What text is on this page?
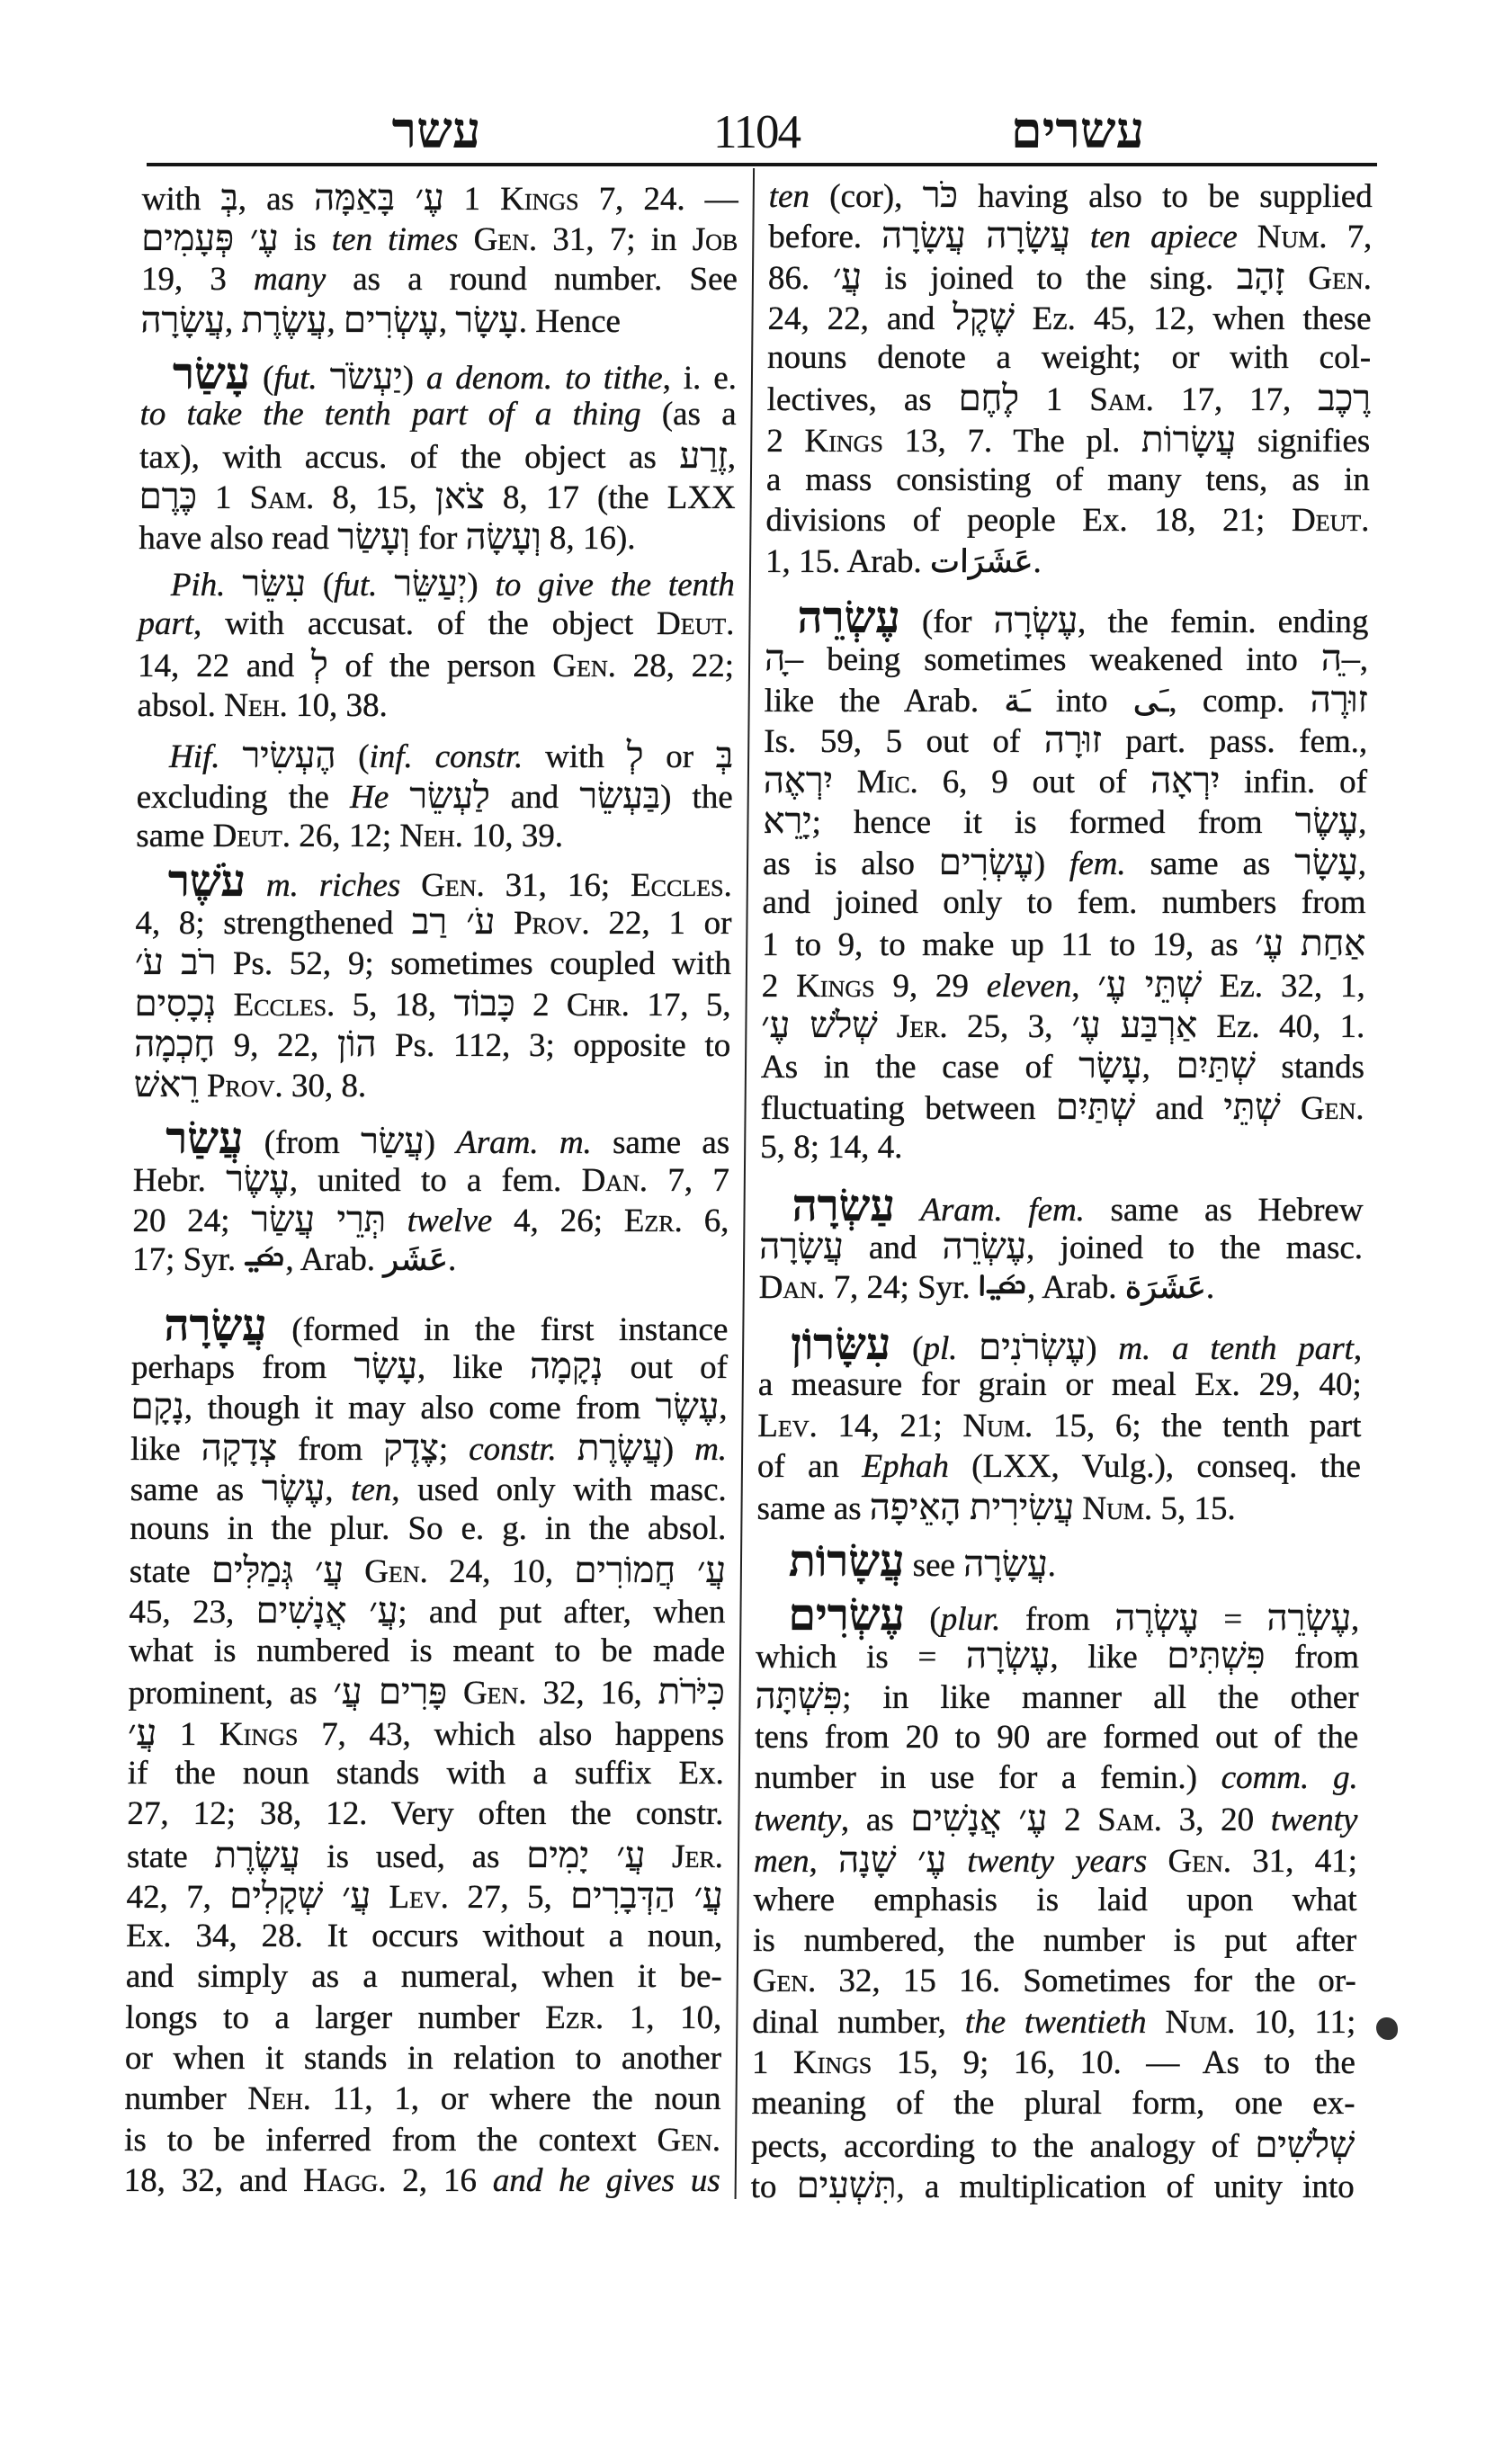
עשר	1104	עשרים
with בְּ, as עֶ׳ בָּאַמָּה 1 Kings 7, 24. —
עֶ׳ פְּעָמִים is ten times Gen. 31, 7; in Job
19, 3 many as a round number. See
עֲשָׂרָה, עֲשֶׂרֶת, עֶשְׂרִים, עָשָׂר. Hence
עָשַׂר (fut. יַעְשֹׂר) a denom. to tithe, i. e.
to take the tenth part of a thing (as a
tax), with accus. of the object as זֶרַע,
כֶּרֶם 1 Sam. 8, 15, צֹאן 8, 17 (the LXX
have also read וְעָשַׂר for וְעָשָׂה 8, 16).
Pih. עִשֵּׂר (fut. יְעַשֵּׂר) to give the tenth
part, with accusat. of the object Deut.
14, 22 and לְ of the person Gen. 28, 22;
absol. Neh. 10, 38.
Hif. הֶעְשִׂיר (inf. constr. with לְ or בְּ
excluding the He לַעְשֵׂר and בַּעְשֵׂר) the
same Deut. 26, 12; Neh. 10, 39.
עֹשֶׁר m. riches Gen. 31, 16; Eccles.
4, 8; strengthened עֹ׳ רַב Prov. 22, 1 or
רֹב עֹ׳ Ps. 52, 9; sometimes coupled with
נְכָסִים Eccles. 5, 18, כָּבוֹד 2 Chr. 17, 5,
חָכְמָה 9, 22, הוֹן Ps. 112, 3; opposite to
רֵאשׁ Prov. 30, 8.
עֲשַׂר (from עֲשַׂר) Aram. m. same as
Hebr. עֶשֶׂר, united to a fem. Dan. 7, 7
20 24; תְּרֵי עֲשַׂר twelve 4, 26; Ezr. 6,
17; Syr.
, Arab. عَشَر.
עֲשָׂרָה (formed in the first instance
perhaps from עָשָׂר, like נְקָמָה out of
נָקָם, though it may also come from עֶשֶׂר,
like צְדָקָה from צֶדֶק; constr. עֲשֶׂרֶת) m.
same as עֶשֶׂר, ten, used only with masc.
nouns in the plur. So e. g. in the absol.
state עֲ׳ גְּמַלִּים Gen. 24, 10, עֲ׳ חֲמוֹרִים
45, 23, עֲ׳ אֲנָשִׁים; and put after, when
what is numbered is meant to be made
prominent, as פָּרִים עֲ׳ Gen. 32, 16, כִּיֹּרֹת
עֲ׳ 1 Kings 7, 43, which also happens
if the noun stands with a suffix Ex.
27, 12; 38, 12. Very often the constr.
state עֲשֶׂרֶת is used, as עֲ׳ יָמִים Jer.
42, 7, עֲ׳ שְׁקָלִים Lev. 27, 5, עֲ׳ הַדְּבָרִים
Ex. 34, 28. It occurs without a noun,
and simply as a numeral, when it be-
longs to a larger number Ezr. 1, 10,
or when it stands in relation to another
number Neh. 11, 1, or where the noun
is to be inferred from the context Gen.
18, 32, and Hagg. 2, 16 and he gives us
ten (cor), כֹּר having also to be supplied
before. עֲשָׂרָה עֲשָׂרָה ten apiece Num. 7,
86. עֲ׳ is joined to the sing. זָהָב Gen.
24, 22, and שֶׁקֶל Ez. 45, 12, when these
nouns denote a weight; or with col-
lectives, as לֶחֶם 1 Sam. 17, 17, רֶכֶב
2 Kings 13, 7. The pl. עֲשָׂרוֹת signifies
a mass consisting of many tens, as in
divisions of people Ex. 18, 21; Deut.
1, 15. Arab. عَشَرَات.
עֶשְׂרֵה (for עֶשְׂרָה, the femin. ending
–ָה being sometimes weakened into –ֵה,
like the Arab. ـَة into ـَى, comp. זוּרֶה
Is. 59, 5 out of זוּרָה part. pass. fem.,
יִרְאֶה Mic. 6, 9 out of יִרְאָה infin. of
יָרֵא; hence it is formed from עֶשֶׂר,
as is also עֶשְׂרִים) fem. same as עָשָׂר,
and joined only to fem. numbers from
1 to 9, to make up 11 to 19, as אַחַת עֶ׳
2 Kings 9, 29 eleven, שְׁתֵּי עֶ׳ Ez. 32, 1,
שְׁלֹשׁ עֶ׳ Jer. 25, 3, אַרְבַּע עֶ׳ Ez. 40, 1.
As in the case of עָשָׂר, שְׁתַּיִם stands
fluctuating between שְׁתַּיִם and שְׁתֵּי Gen.
5, 8; 14, 4.
עַשְׂרָה Aram. fem. same as Hebrew
עֲשָׂרָה and עֶשְׂרֵה, joined to the masc.
Dan. 7, 24; Syr.
, Arab. عَشَرَة.
עִשָּׂרוֹן (pl. עֶשְׂרֹנִים) m. a tenth part,
a measure for grain or meal Ex. 29, 40;
Lev. 14, 21; Num. 15, 6; the tenth part
of an Ephah (LXX, Vulg.), conseq. the
same as עֲשִׂירִית הָאֵיפָה Num. 5, 15.
עֲשָׂרוֹת see עֲשָׂרָה.
עֶשְׂרִים (plur. from עֶשְׂרֶה = עֶשְׂרֵה,
which is = עֶשְׂרָה, like פִּשְׁתִּים from
פִּשְׁתָּה; in like manner all the other
tens from 20 to 90 are formed out of the
number in use for a femin.) comm. g.
twenty, as עֶ׳ אֲנָשִׁים 2 Sam. 3, 20 twenty
men, עֶ׳ שָׁנָה twenty years Gen. 31, 41;
where emphasis is laid upon what
is numbered, the number is put after
Gen. 32, 15 16. Sometimes for the or-
dinal number, the twentieth Num. 10, 11;
1 Kings 15, 9; 16, 10. — As to the
meaning of the plural form, one ex-
pects, according to the analogy of שְׁלֹשִׁים
to תִּשְׁעִים, a multiplication of unity into
